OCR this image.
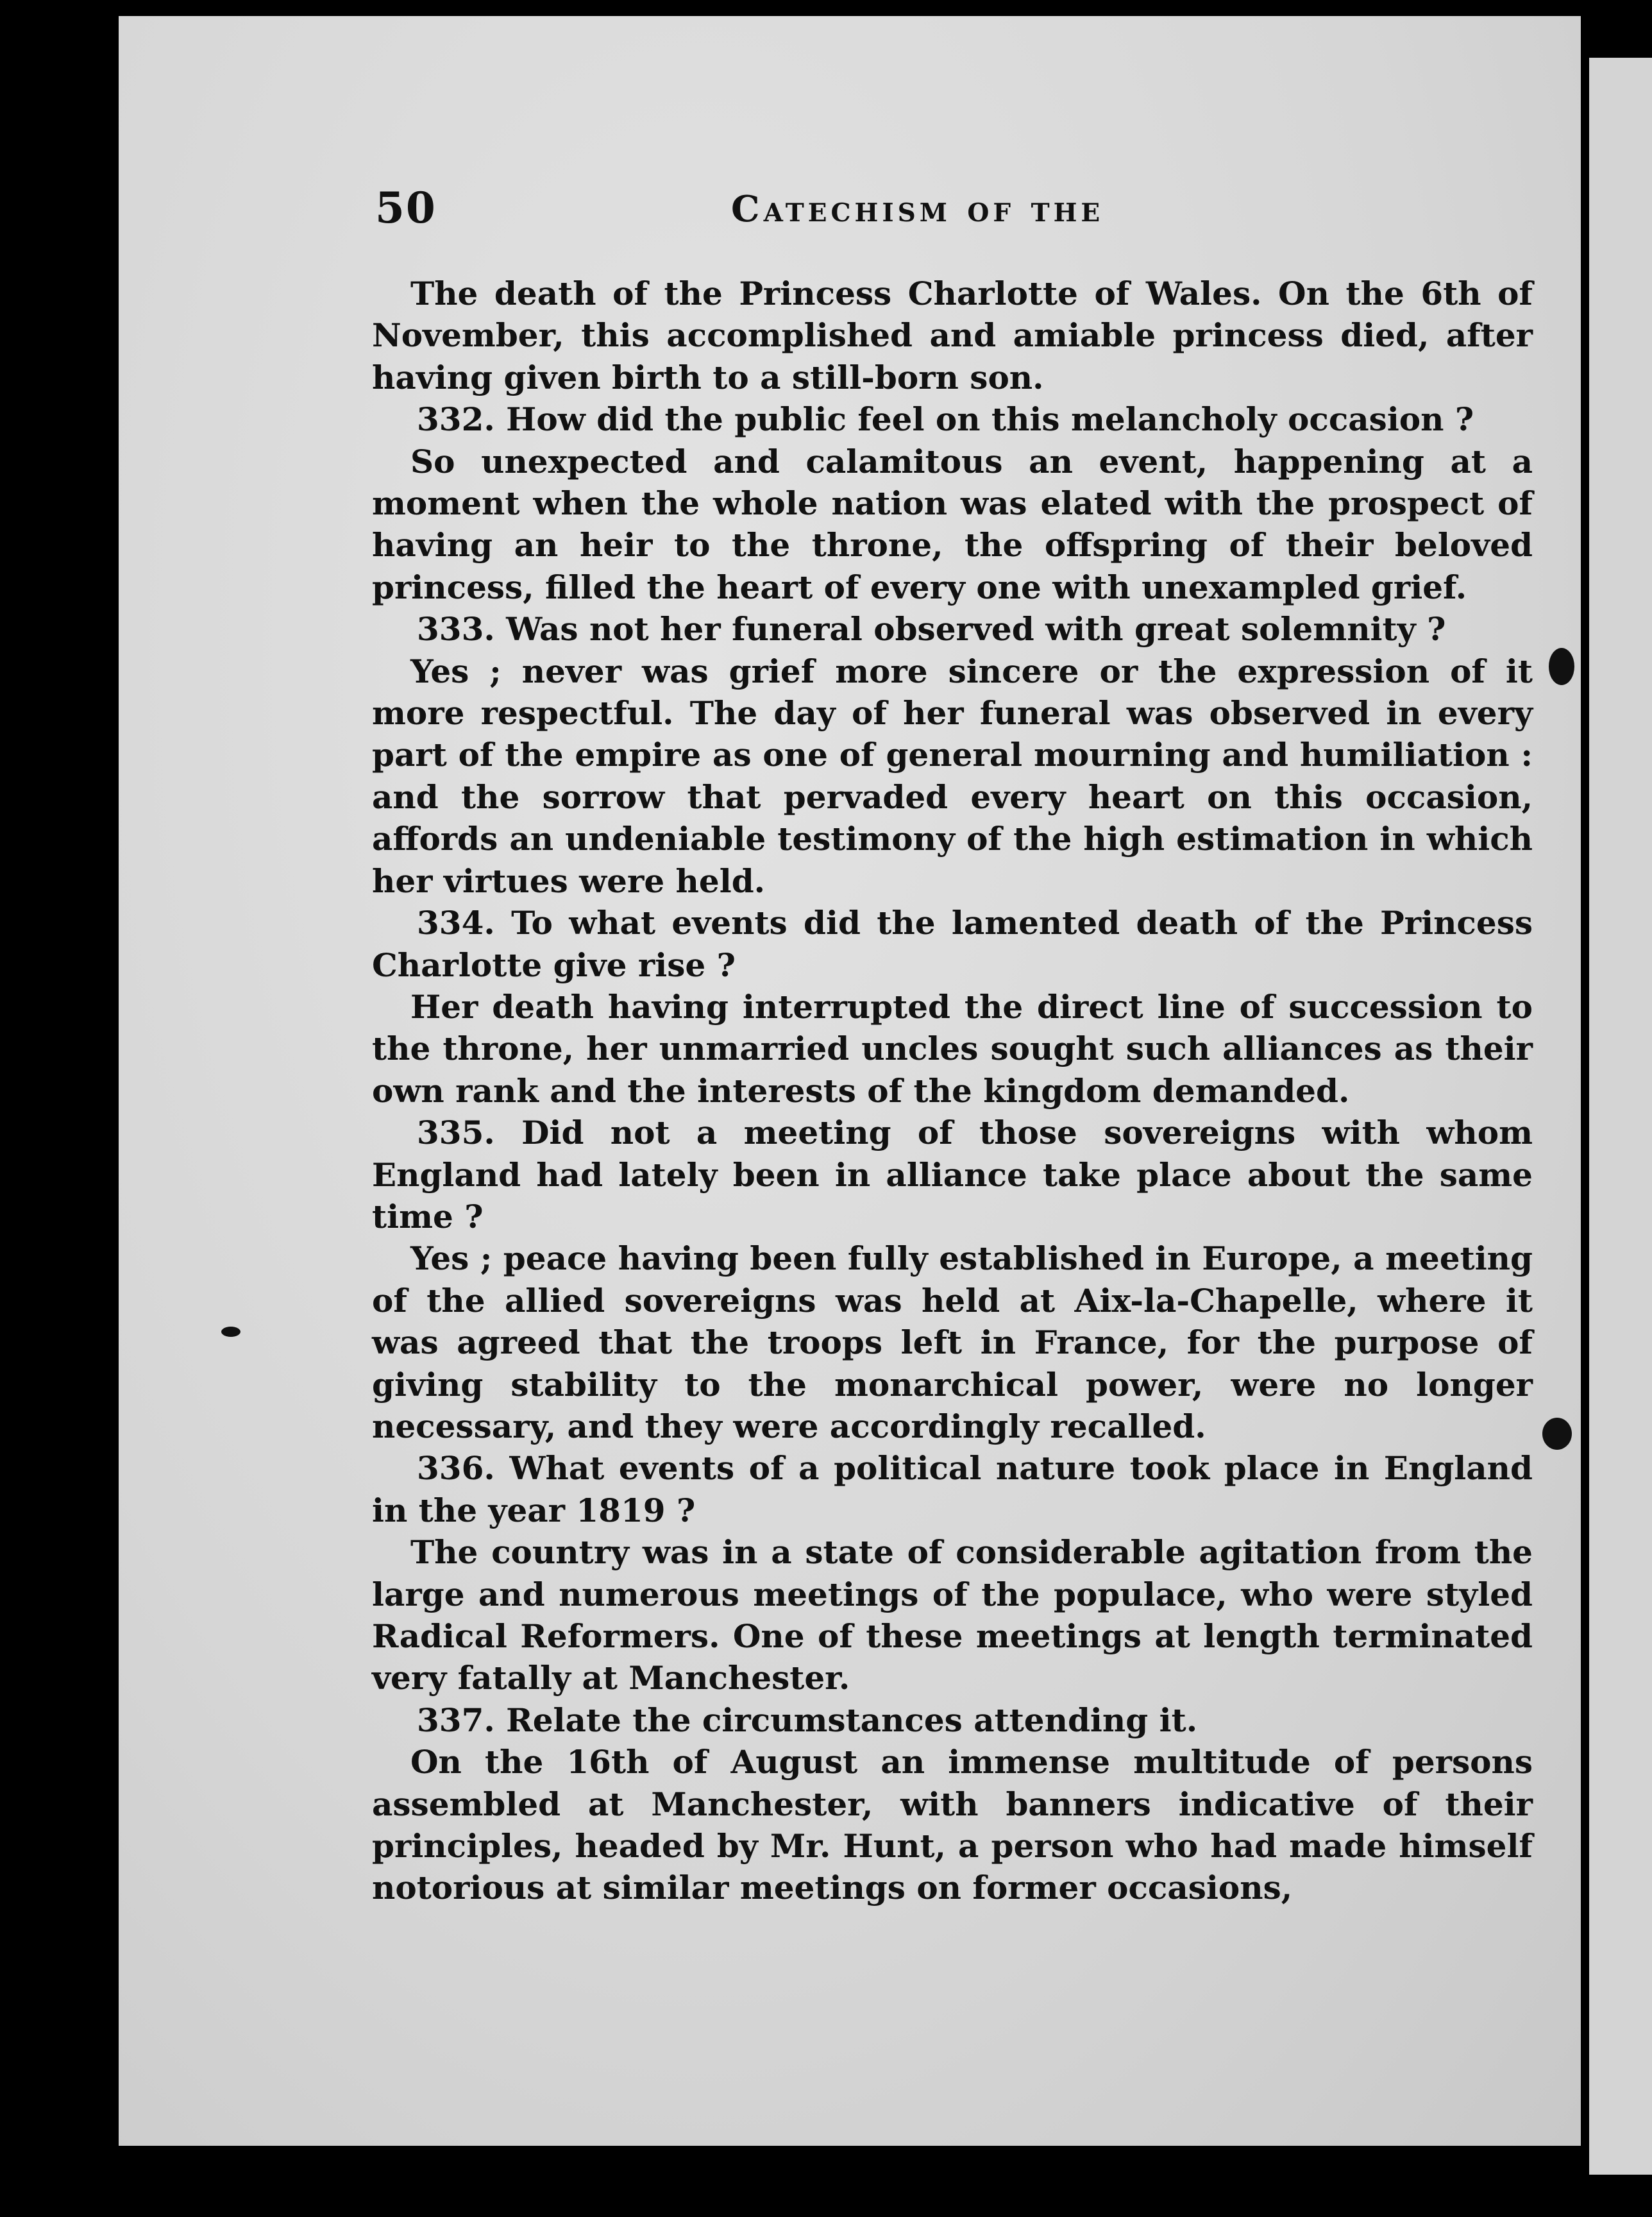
50	Catechism of the

The death of the Princess Charlotte of Wales. On the 6th of November, this accomplished and amiable princess died, after having given birth to a still-born son.

332. How did the public feel on this melancholy occasion ?

So unexpected and calamitous an event, happening at a moment when the whole nation was elated with the prospect of having an heir to the throne, the offspring of their beloved princess, filled the heart of every one with unexampled grief.

333. Was not her funeral observed with great solemnity ?

Yes ; never was grief more sincere or the expression of it more respectful. The day of her funeral was observed in every part of the empire as one of general mourning and humiliation : and the sorrow that pervaded every heart on this occasion, affords an undeniable testimony of the high estimation in which her virtues were held.

334. To what events did the lamented death of the Princess Charlotte give rise ?

Her death having interrupted the direct line of succession to the throne, her unmarried uncles sought such alliances as their own rank and the interests of the kingdom demanded.

335. Did not a meeting of those sovereigns with whom England had lately been in alliance take place about the same time ?

Yes ; peace having been fully established in Europe, a meeting of the allied sovereigns was held at Aix-la-Chapelle, where it was agreed that the troops left in France, for the purpose of giving stability to the monarchical power, were no longer necessary, and they were accordingly recalled.

336. What events of a political nature took place in England in the year 1819 ?

The country was in a state of considerable agitation from the large and numerous meetings of the populace, who were styled Radical Reformers. One of these meetings at length terminated very fatally at Manchester.

337. Relate the circumstances attending it.

On the 16th of August an immense multitude of persons assembled at Manchester, with banners indicative of their principles, headed by Mr. Hunt, a person who had made himself notorious at similar meetings on former occasions,
